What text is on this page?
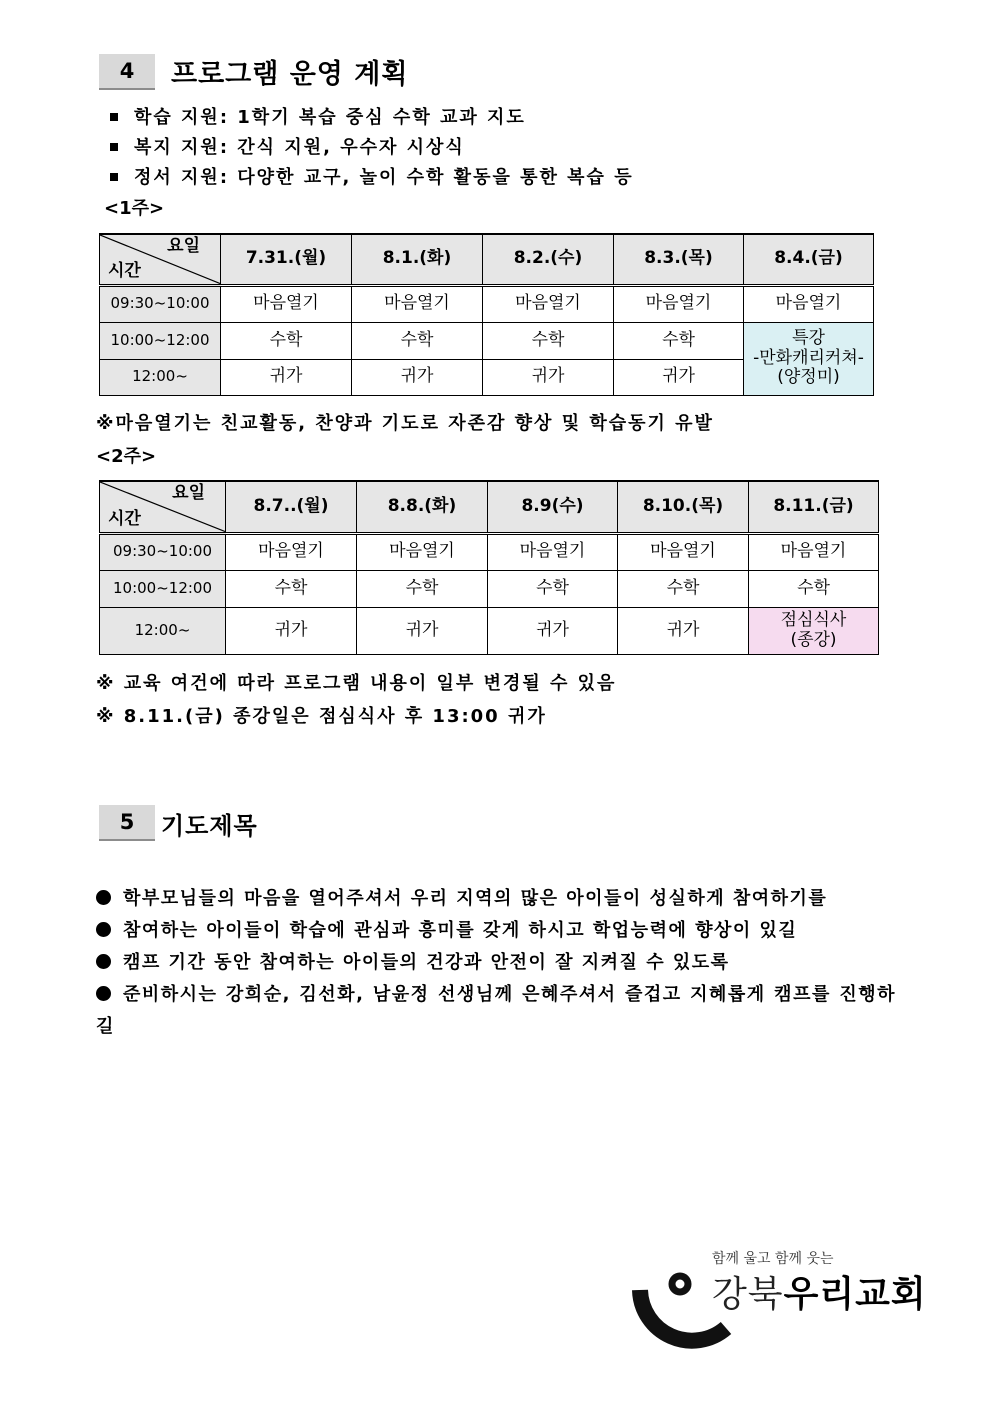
4	프로그램 운영 계획
학습 지원: 1학기 복습 중심 수학 교과 지도
복지 지원: 간식 지원, 우수자 시상식
정서 지원: 다양한 교구, 놀이 수학 활동을 통한 복습 등
<1주>
요일
시간	7.31.(월)	8.1.(화)	8.2.(수)	8.3.(목)	8.4.(금)
09:30~10:00	마음열기	마음열기	마음열기	마음열기	마음열기
10:00~12:00	수학	수학	수학	수학	특강
-만화캐리커쳐-
(양정미)

12:00~	귀가	귀가	귀가	귀가	
※마음열기는 친교활동, 찬양과 기도로 자존감 향상 및 학습동기 유발
<2주>
요일
시간	8.7..(월)	8.8.(화)	8.9(수)	8.10.(목)	8.11.(금)
09:30~10:00	마음열기	마음열기	마음열기	마음열기	마음열기
10:00~12:00	수학	수학	수학	수학	수학
12:00~	귀가	귀가	귀가	귀가	점심식사
(종강)
※ 교육 여건에 따라 프로그램 내용이 일부 변경될 수 있음
※ 8.11.(금) 종강일은 점심식사 후 13:00 귀가
5	기도제목
학부모님들의 마음을 열어주셔서 우리 지역의 많은 아이들이 성실하게 참여하기를
참여하는 아이들이 학습에 관심과 흥미를 갖게 하시고 학업능력에 향상이 있길
캠프 기간 동안 참여하는 아이들의 건강과 안전이 잘 지켜질 수 있도록
준비하시는 강희순, 김선화, 남윤정 선생님께 은혜주셔서 즐겁고 지혜롭게 캠프를 진행하길
함께 울고 함께 웃는
강북우리교회
